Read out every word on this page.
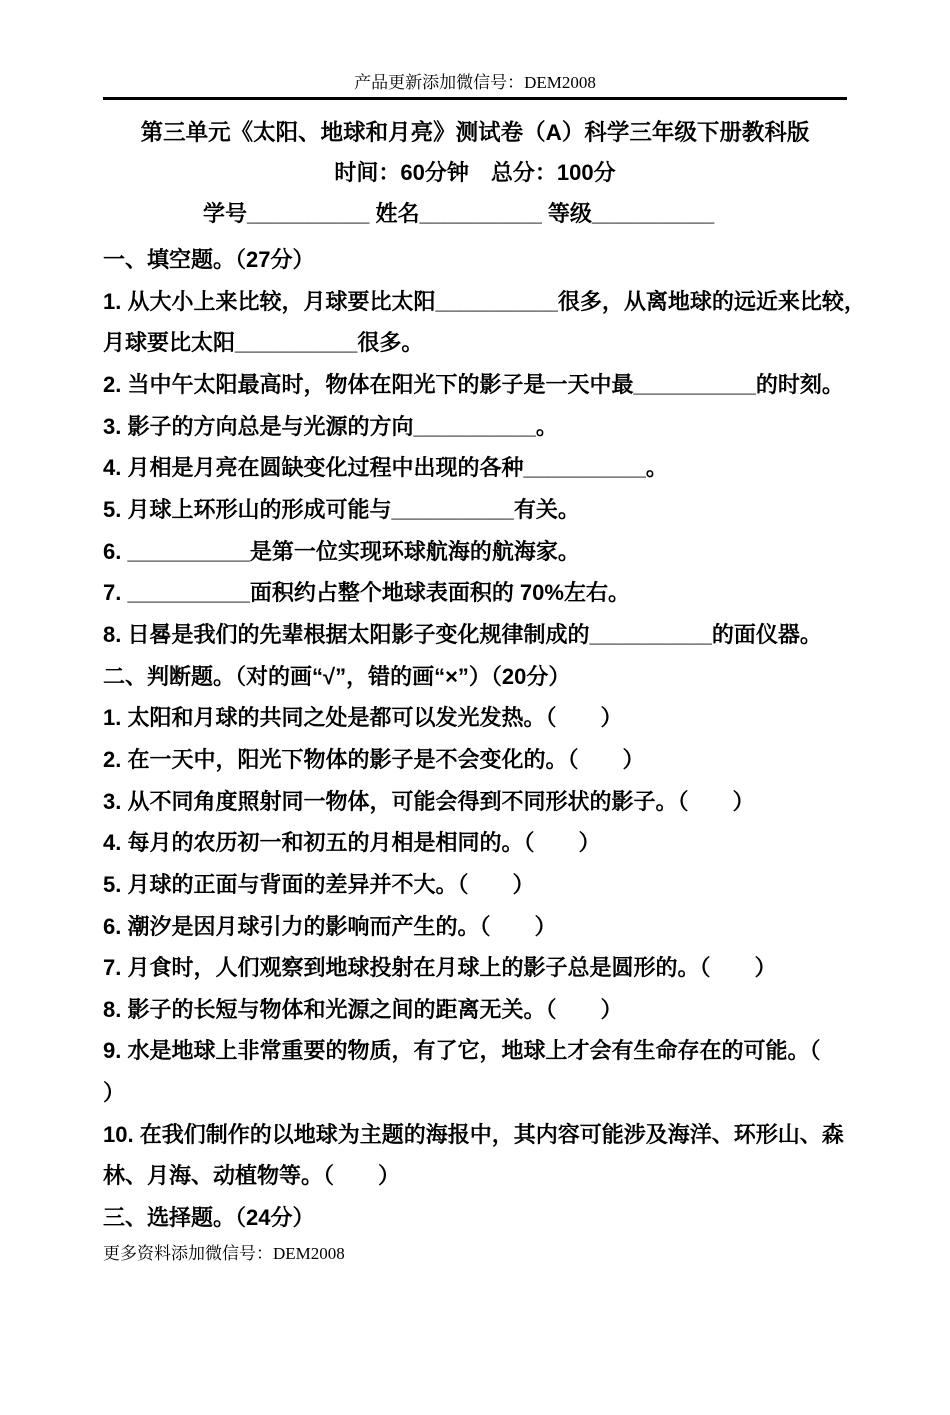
产品更新添加微信号：DEM2008
第三单元《太阳、地球和月亮》测试卷（A）科学三年级下册教科版
时间：60分钟　总分：100分
学号__________ 姓名__________ 等级__________
一、填空题。（27分）
1. 从大小上来比较，月球要比太阳__________很多，从离地球的远近来比较，
月球要比太阳__________很多。
2. 当中午太阳最高时，物体在阳光下的影子是一天中最__________的时刻。
3. 影子的方向总是与光源的方向__________。
4. 月相是月亮在圆缺变化过程中出现的各种__________。
5. 月球上环形山的形成可能与__________有关。
6. __________是第一位实现环球航海的航海家。
7. __________面积约占整个地球表面积的 70%左右。
8. 日晷是我们的先辈根据太阳影子变化规律制成的__________的面仪器。
二、判断题。（对的画“√”，错的画“×”）（20分）
1. 太阳和月球的共同之处是都可以发光发热。（　　）
2. 在一天中，阳光下物体的影子是不会变化的。（　　）
3. 从不同角度照射同一物体，可能会得到不同形状的影子。（　　）
4. 每月的农历初一和初五的月相是相同的。（　　）
5. 月球的正面与背面的差异并不大。（　　）
6. 潮汐是因月球引力的影响而产生的。（　　）
7. 月食时，人们观察到地球投射在月球上的影子总是圆形的。（　　）
8. 影子的长短与物体和光源之间的距离无关。（　　）
9. 水是地球上非常重要的物质，有了它，地球上才会有生命存在的可能。（
）
10. 在我们制作的以地球为主题的海报中，其内容可能涉及海洋、环形山、森
林、月海、动植物等。（　　）
三、选择题。（24分）
更多资料添加微信号：DEM2008
